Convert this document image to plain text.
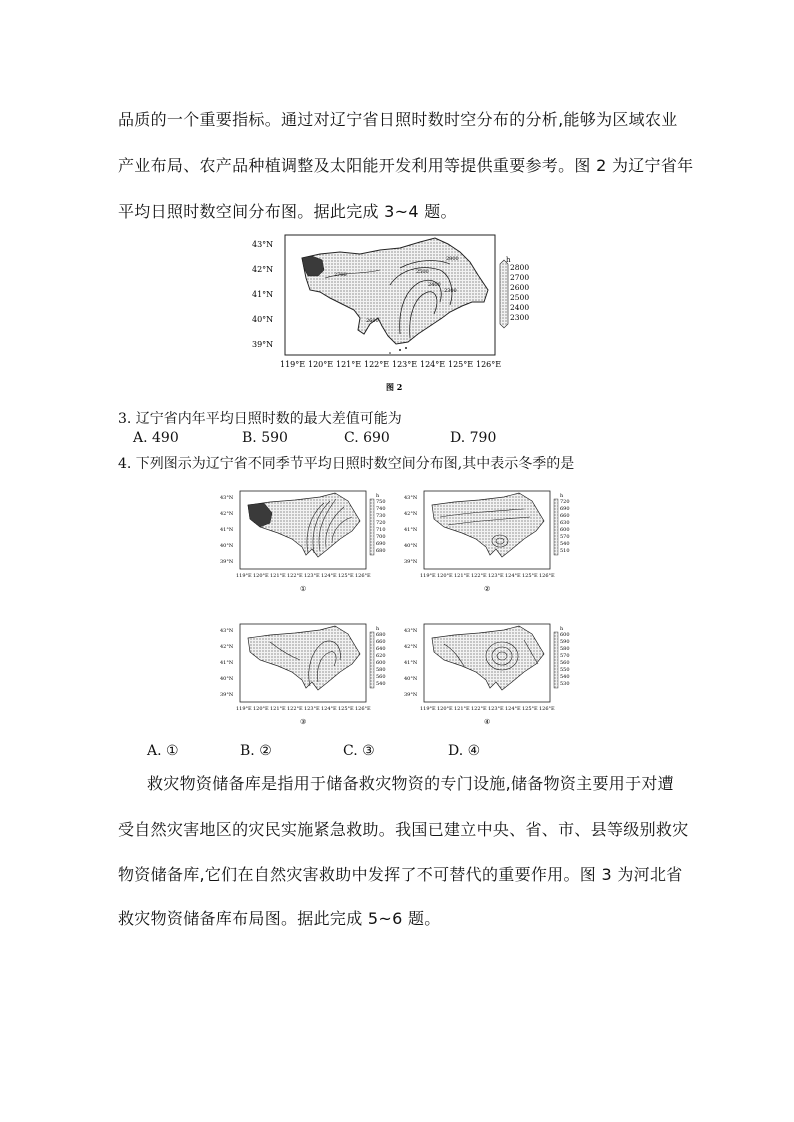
品质的一个重要指标。通过对辽宁省日照时数时空分布的分析,能够为区域农业
产业布局、农产品种植调整及太阳能开发利用等提供重要参考。图 2 为辽宁省年
平均日照时数空间分布图。据此完成 3~4 题。
43°N
42°N
41°N
40°N
39°N
119°E 120°E 121°E 122°E 123°E 124°E 125°E 126°E
2800
2700	2500
2400
2300
2600
h
2800
2700
2600
2500
2400
2300
图 2
3. 辽宁省内年平均日照时数的最大差值可能为
A. 490	B. 590	C. 690	D. 790
4. 下列图示为辽宁省不同季节平均日照时数空间分布图,其中表示冬季的是
43°N
42°N
41°N
40°N
39°N
119°E 120°E 121°E 122°E 123°E 124°E 125°E 126°E
h
750
740
730
720
710
700
690
680
①
43°N
42°N
41°N
40°N
39°N
119°E 120°E 121°E 122°E 123°E 124°E 125°E 126°E
h
720
690
660
630
600
570
540
510
②
43°N
42°N
41°N
40°N
39°N
119°E 120°E 121°E 122°E 123°E 124°E 125°E 126°E
h
680
660
640
620
600
580
560
540
③
43°N
42°N
41°N
40°N
39°N
119°E 120°E 121°E 122°E 123°E 124°E 125°E 126°E
h
600
590
580
570
560
550
540
530
④
A. ①	B. ②	C. ③	D. ④
救灾物资储备库是指用于储备救灾物资的专门设施,储备物资主要用于对遭
受自然灾害地区的灾民实施紧急救助。我国已建立中央、省、市、县等级别救灾
物资储备库,它们在自然灾害救助中发挥了不可替代的重要作用。图 3 为河北省
救灾物资储备库布局图。据此完成 5~6 题。
